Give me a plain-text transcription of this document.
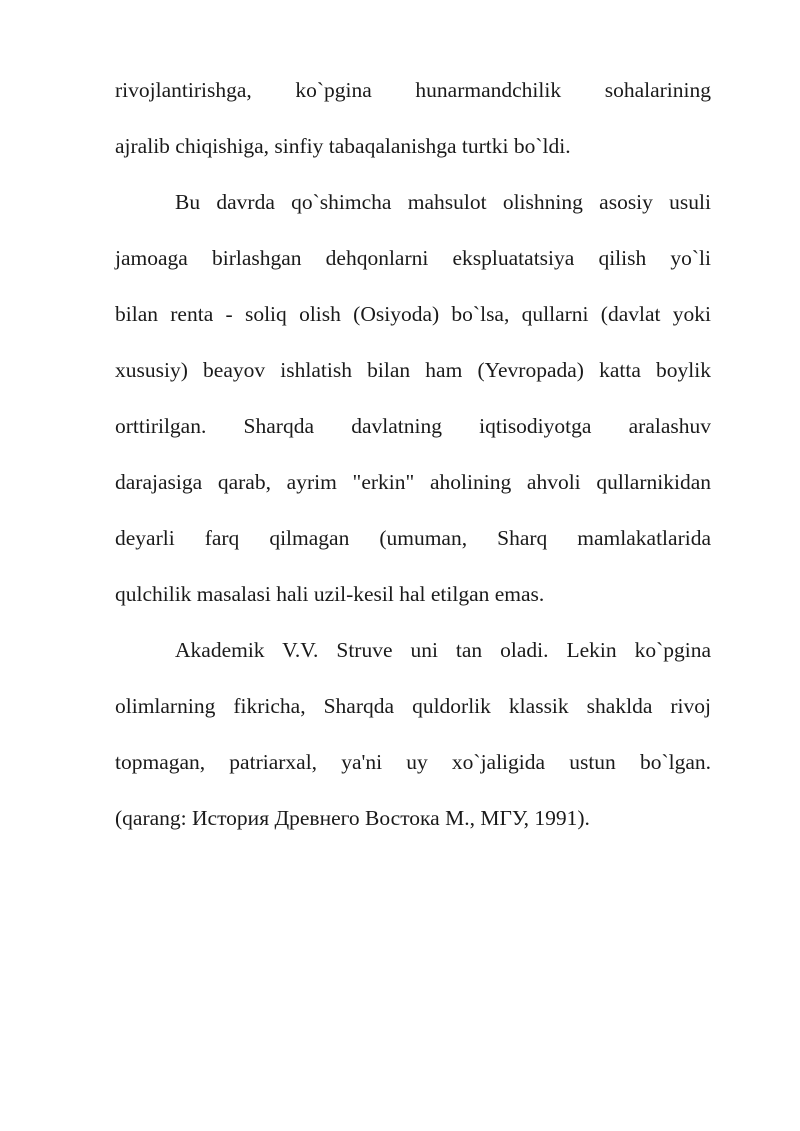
rivojlantirishga, ko`pgina hunarmandchilik sohalarining
ajralib chiqishiga, sinfiy tabaqalanishga turtki bo`ldi.
Bu davrda qo`shimcha mahsulot olishning asosiy usuli
jamoaga birlashgan dehqonlarni ekspluatatsiya qilish yo`li
bilan renta - soliq olish (Osiyoda) bo`lsa, qullarni (davlat yoki
xususiy) beayov ishlatish bilan ham (Yevropada) katta boylik
orttirilgan. Sharqda davlatning iqtisodiyotga aralashuv
darajasiga qarab, ayrim "erkin" aholining ahvoli qullarnikidan
deyarli farq qilmagan (umuman, Sharq mamlakatlarida
qulchilik masalasi hali uzil-kesil hal etilgan emas.
Akademik V.V. Struve uni tan oladi. Lekin ko`pgina
olimlarning fikricha, Sharqda quldorlik klassik shaklda rivoj
topmagan, patriarxal, ya'ni uy xo`jaligida ustun bo`lgan.
(qarang: История Древнего Востока М., МГУ, 1991).
